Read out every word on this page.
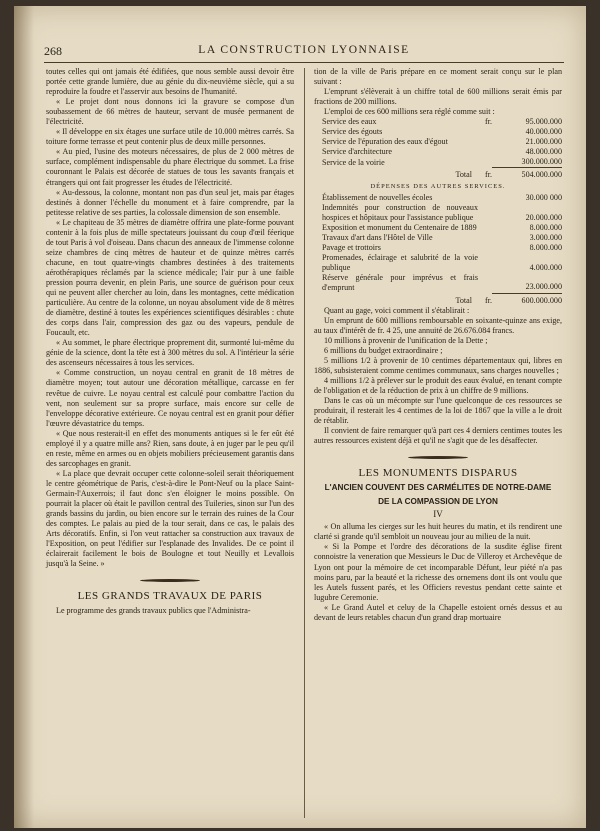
268	LA CONSTRUCTION LYONNAISE

toutes celles qui ont jamais été édifiées, que nous semble aussi devoir être portée cette grande lumière, due au génie du dix-neuvième siècle, qui a su reproduire la foudre et l'asservir aux besoins de l'humanité.

« Le projet dont nous donnons ici la gravure se compose d'un soubassement de 66 mètres de hauteur, servant de musée permanent de l'électricité.

« Il développe en six étages une surface utile de 10.000 mètres carrés. Sa toiture forme terrasse et peut contenir plus de deux mille personnes.

« Au pied, l'usine des moteurs nécessaires, de plus de 2 000 mètres de surface, complément indispensable du phare électrique du sommet. La frise couronnant le Palais est décorée de statues de tous les savants français et étrangers qui ont fait progresser les études de l'électricité.

« Au-dessous, la colonne, montant non pas d'un seul jet, mais par étages destinés à donner l'échelle du monument et à faire comprendre, par la petitesse relative de ses parties, la colossale dimension de son ensemble.

« Le chapiteau de 35 mètres de diamètre offrira une plate-forme pouvant contenir à la fois plus de mille spectateurs jouissant du coup d'œil féerique de tout Paris à vol d'oiseau. Dans chacun des anneaux de l'immense colonne seize chambres de cinq mètres de hauteur et de quinze mètres carrés chacune, en tout quatre-vingts chambres destinées à des traitements aérothérapiques réclamés par la science médicale; l'air pur à une faible pression pourra devenir, en plein Paris, une source de guérison pour ceux qui ne peuvent aller chercher au loin, dans les montagnes, cette médication particulière. Au centre de la colonne, un noyau absolument vide de 8 mètres de diamètre, destiné à toutes les expériences scientifiques désirables : chute des corps dans l'air, compression des gaz ou des vapeurs, pendule de Foucault, etc.

« Au sommet, le phare électrique proprement dit, surmonté lui-même du génie de la science, dont la tête est à 300 mètres du sol. A l'intérieur la série des ascenseurs nécessaires à tous les services.

« Comme construction, un noyau central en granit de 18 mètres de diamètre moyen; tout autour une décoration métallique, carcasse en fer revêtue de cuivre. Le noyau central est calculé pour combattre l'action du vent, non seulement sur sa propre surface, mais encore sur celle de l'enveloppe décorative extérieure. Ce noyau central est en granit pour défier l'œuvre dévastatrice du temps.

« Que nous resterait-il en effet des monuments antiques si le fer eût été employé il y a quatre mille ans? Rien, sans doute, à en juger par le peu qu'il en reste, même en armes ou en objets mobiliers précieusement garantis dans des sarcophages en granit.

« La place que devrait occuper cette colonne-soleil serait théoriquement le centre géométrique de Paris, c'est-à-dire le Pont-Neuf ou la place Saint-Germain-l'Auxerrois; il faut donc s'en éloigner le moins possible. On pourrait la placer où était le pavillon central des Tuileries, sinon sur l'un des grands bassins du jardin, ou bien encore sur le terrain des ruines de la Cour des comptes. Le palais au pied de la tour serait, dans ce cas, le palais des Arts décoratifs. Enfin, si l'on veut rattacher sa construction aux travaux de l'Exposition, on peut l'édifier sur l'esplanade des Invalides. De ce point il éclairerait facilement le bois de Boulogne et tout Neuilly et Levallois jusqu'à la Seine. »

LES GRANDS TRAVAUX DE PARIS

Le programme des grands travaux publics que l'Administra-

tion de la ville de Paris prépare en ce moment serait conçu sur le plan suivant :

L'emprunt s'élèverait à un chiffre total de 600 millions serait émis par fractions de 200 millions.

L'emploi de ces 600 millions sera réglé comme suit :

Service des eaux	fr.	95.000.000
Service des égouts		40.000.000
Service de l'épuration des eaux d'égout		21.000.000
Service d'architecture		48.000.000
Service de la voirie		300.000.000
Total	fr.	504.000.000
DÉPENSES DES AUTRES SERVICES.
Établissement de nouvelles écoles		30.000 000
Indemnités pour construction de nouveaux hospices et hôpitaux pour l'assistance publique		20.000.000
Exposition et monument du Centenaire de 1889		8.000.000
Travaux d'art dans l'Hôtel de Ville		3.000.000
Pavage et trottoirs		8.000.000
Promenades, éclairage et salubrité de la voie publique		4.000.000
Réserve générale pour imprévus et frais d'emprunt		23.000.000
Total	fr.	600.000.000

Quant au gage, voici comment il s'établirait :

Un emprunt de 600 millions remboursable en soixante-quinze ans exige, au taux d'intérêt de fr. 4 25, une annuité de 26.676.084 francs.

10 millions à provenir de l'unification de la Dette ;

6 millions du budget extraordinaire ;

5 millions 1/2 à provenir de 10 centimes départementaux qui, libres en 1886, subsisteraient comme centimes communaux, sans charges nouvelles ;

4 millions 1/2 à prélever sur le produit des eaux évalué, en tenant compte de l'obligation et de la réduction de prix à un chiffre de 9 millions.

Dans le cas où un mécompte sur l'une quelconque de ces ressources se produirait, il resterait les 4 centimes de la loi de 1867 que la ville a le droit de rétablir.

Il convient de faire remarquer qu'à part ces 4 derniers centimes toutes les autres ressources existent déjà et qu'il ne s'agit que de les désaffecter.

LES MONUMENTS DISPARUS
L'ANCIEN COUVENT DES CARMÉLITES DE NOTRE-DAME
DE LA COMPASSION DE LYON
IV

« On alluma les cierges sur les huit heures du matin, et ils rendirent une clarté si grande qu'il sembloit un nouveau jour au milieu de la nuit.

« Si la Pompe et l'ordre des décorations de la susdite église firent connoistre la veneration que Messieurs le Duc de Villeroy et Archevêque de Lyon ont pour la mémoire de cet incomparable Défunt, leur piété n'a pas moins paru, par la beauté et la richesse des ornemens dont ils ont voulu que les Autels fussent parés, et les Officiers revestus pendant cette sainte et lugubre Ceremonie.

« Le Grand Autel et celuy de la Chapelle estoient ornés dessus et au devant de leurs retables chacun d'un grand drap mortuaire
